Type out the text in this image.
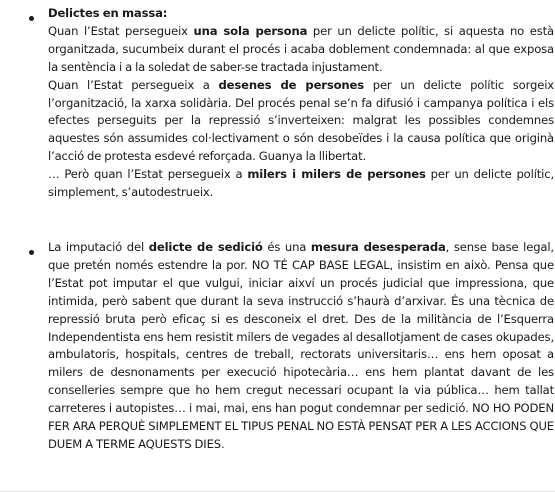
Delictes en massa:

Quan l’Estat persegueix una sola persona per un delicte polític, si aquesta no està organitzada, sucumbeix durant el procés i acaba doblement condemnada: al que exposa la sentència i a la soledat de saber-se tractada injustament.

Quan l’Estat persegueix a desenes de persones per un delicte polític sorgeix l’organització, la xarxa solidària. Del procés penal se’n fa difusió i campanya política i els efectes perseguits per la repressió s’inverteixen: malgrat les possibles condemnes aquestes són assumides col·lectivament o són desobeïdes i la causa política que originà l’acció de protesta esdevé reforçada. Guanya la llibertat.

… Però quan l’Estat persegueix a milers i milers de persones per un delicte polític, simplement, s’autodestrueix.

La imputació del delicte de sedició és una mesura desesperada, sense base legal, que pretén només estendre la por. NO TÉ CAP BASE LEGAL, insistim en això. Pensa que l’Estat pot imputar el que vulgui, iniciar aixví un procés judicial que impressiona, que intimida, però sabent que durant la seva instrucció s’haurà d’arxivar. És una tècnica de repressió bruta però eficaç si es desconeix el dret. Des de la militància de l’Esquerra Independentista ens hem resistit milers de vegades al desallotjament de cases okupades, ambulatoris, hospitals, centres de treball, rectorats universitaris… ens hem oposat a milers de desnonaments per execució hipotecària… ens hem plantat davant de les conselleries sempre que ho hem cregut necessari ocupant la via pública… hem tallat carreteres i autopistes… i mai, mai, ens han pogut condemnar per sedició. NO HO PODEN FER ARA PERQUÈ SIMPLEMENT EL TIPUS PENAL NO ESTÀ PENSAT PER A LES ACCIONS QUE DUEM A TERME AQUESTS DIES.
